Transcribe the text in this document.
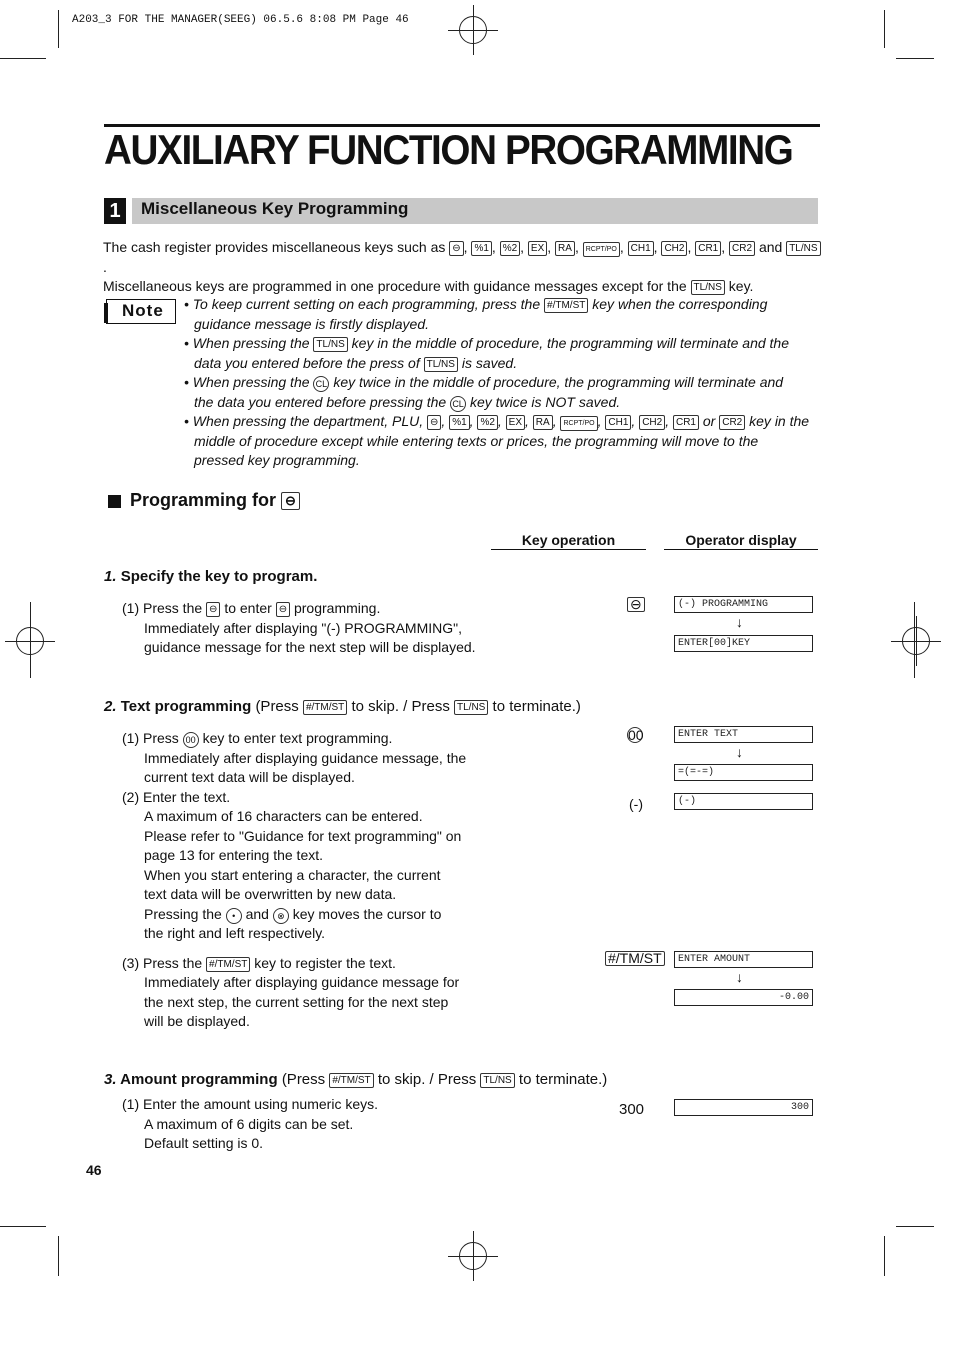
A203_3 FOR THE MANAGER(SEEG) 06.5.6 8:08 PM Page 46
AUXILIARY FUNCTION PROGRAMMING
1	Miscellaneous Key Programming
The cash register provides miscellaneous keys such as ⊖ , %1 , %2 , EX , RA , RCPT/PO , CH1 , CH2 , CR1 , CR2 and TL/NS.
Miscellaneous keys are programmed in one procedure with guidance messages except for the TL/NS key.
Note • To keep current setting on each programming, press the #/TM/ST key when the corresponding
guidance message is firstly displayed.
• When pressing the TL/NS key in the middle of procedure, the programming will terminate and the
data you entered before the press of TL/NS is saved.
• When pressing the CL key twice in the middle of procedure, the programming will terminate and
the data you entered before pressing the CL key twice is NOT saved.
• When pressing the department, PLU, ⊖ , %1 , %2 , EX , RA , RCPT/PO , CH1 , CH2 , CR1 or CR2 key in the
middle of procedure except while entering texts or prices, the programming will move to the
pressed key programming.
Programming for ⊖
Key operation	Operator display
1. Specify the key to program.
(1) Press the ⊖ to enter ⊖ programming.
Immediately after displaying "(-) PROGRAMMING",
guidance message for the next step will be displayed.
⊖	(-) PROGRAMMING
↓
ENTER[00]KEY
2. Text programming (Press #/TM/ST to skip. / Press TL/NS to terminate.)
(1) Press 00 key to enter text programming.
Immediately after displaying guidance message, the
current text data will be displayed.
(2) Enter the text.
A maximum of 16 characters can be entered.
Please refer to "Guidance for text programming" on
page 13 for entering the text.
When you start entering a character, the current
text data will be overwritten by new data.
Pressing the • and ⊗ key moves the cursor to
the right and left respectively.
(3) Press the #/TM/ST key to register the text.
Immediately after displaying guidance message for
the next step, the current setting for the next step
will be displayed.
00	ENTER TEXT
↓
=(=-=)
(-)	(-)
#/TM/ST	ENTER AMOUNT
↓
-0.00
3. Amount programming (Press #/TM/ST to skip. / Press TL/NS to terminate.)
(1) Enter the amount using numeric keys.
A maximum of 6 digits can be set.
Default setting is 0.
300	300
46
